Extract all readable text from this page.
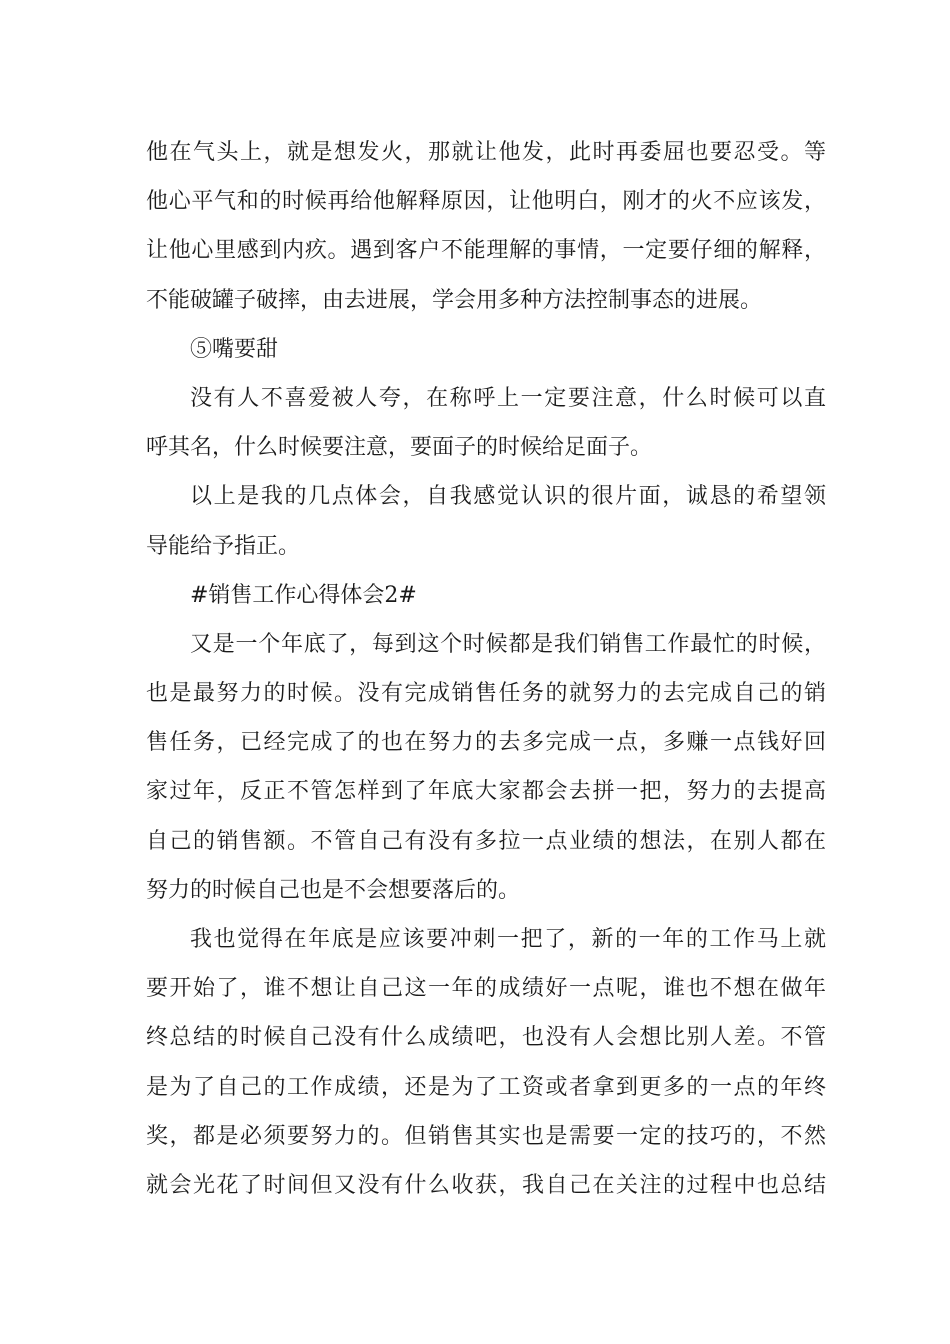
他在气头上，就是想发火，那就让他发，此时再委屈也要忍受。等
他心平气和的时候再给他解释原因，让他明白，刚才的火不应该发，
让他心里感到内疚。遇到客户不能理解的事情，一定要仔细的解释，
不能破罐子破摔，由去进展，学会用多种方法控制事态的进展。
⑤嘴要甜
没有人不喜爱被人夸，在称呼上一定要注意，什么时候可以直
呼其名，什么时候要注意，要面子的时候给足面子。
以上是我的几点体会，自我感觉认识的很片面，诚恳的希望领
导能给予指正。
#销售工作心得体会2#
又是一个年底了，每到这个时候都是我们销售工作最忙的时候，
也是最努力的时候。没有完成销售任务的就努力的去完成自己的销
售任务，已经完成了的也在努力的去多完成一点，多赚一点钱好回
家过年，反正不管怎样到了年底大家都会去拼一把，努力的去提高
自己的销售额。不管自己有没有多拉一点业绩的想法，在别人都在
努力的时候自己也是不会想要落后的。
我也觉得在年底是应该要冲刺一把了，新的一年的工作马上就
要开始了，谁不想让自己这一年的成绩好一点呢，谁也不想在做年
终总结的时候自己没有什么成绩吧，也没有人会想比别人差。不管
是为了自己的工作成绩，还是为了工资或者拿到更多的一点的年终
奖，都是必须要努力的。但销售其实也是需要一定的技巧的，不然
就会光花了时间但又没有什么收获，我自己在关注的过程中也总结
